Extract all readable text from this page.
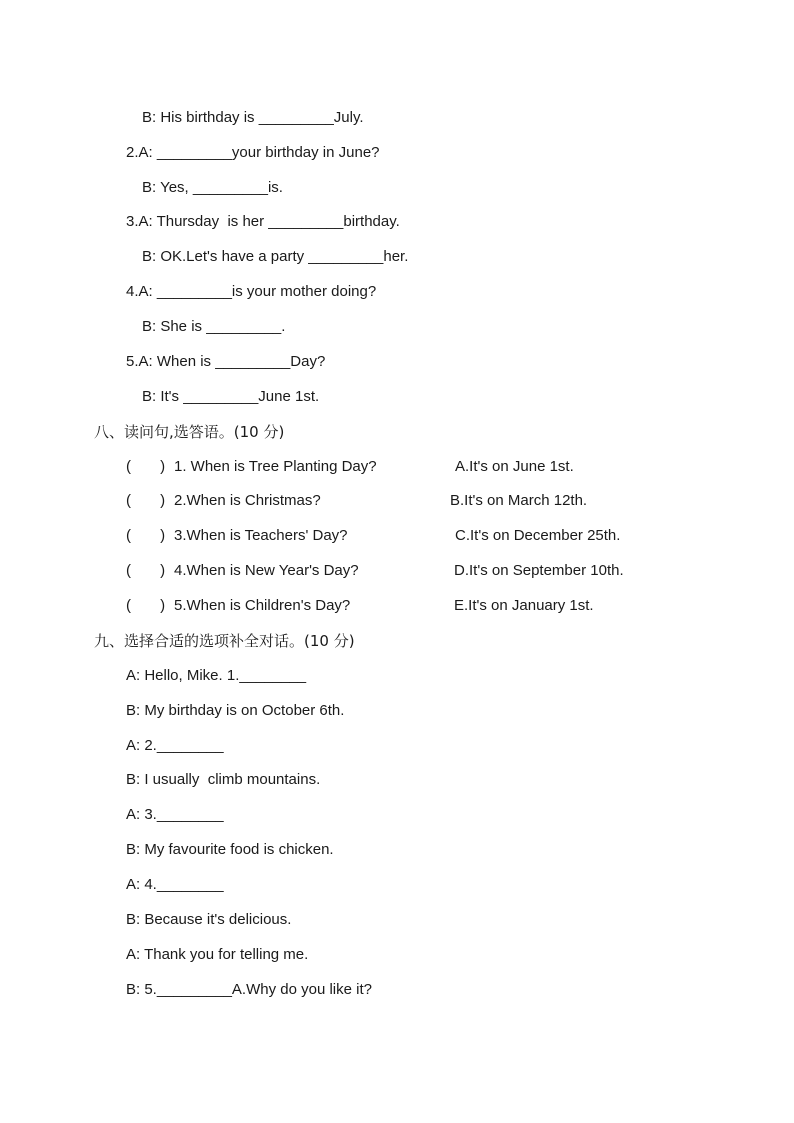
B: His birthday is _________July.
2.A: _________your birthday in June?
B: Yes, _________is.
3.A: Thursday  is her _________birthday.
B: OK.Let's have a party _________her.
4.A: _________is your mother doing?
B: She is _________.
5.A: When is _________Day?
B: It's _________June 1st.
八、读问句,选答语。(10 分)
(       ) 1. When is Tree Planting Day?	A.It's on June 1st.
(       ) 2.When is Christmas?	B.It's on March 12th.
(       ) 3.When is Teachers' Day?	C.It's on December 25th.
(       ) 4.When is New Year's Day?	D.It's on September 10th.
(       ) 5.When is Children's Day?	E.It's on January 1st.
九、选择合适的选项补全对话。(10 分)
A: Hello, Mike. 1.________
B: My birthday is on October 6th.
A: 2.________
B: I usually  climb mountains.
A: 3.________
B: My favourite food is chicken.
A: 4.________
B: Because it's delicious.
A: Thank you for telling me.
B: 5._________A.Why do you like it?
